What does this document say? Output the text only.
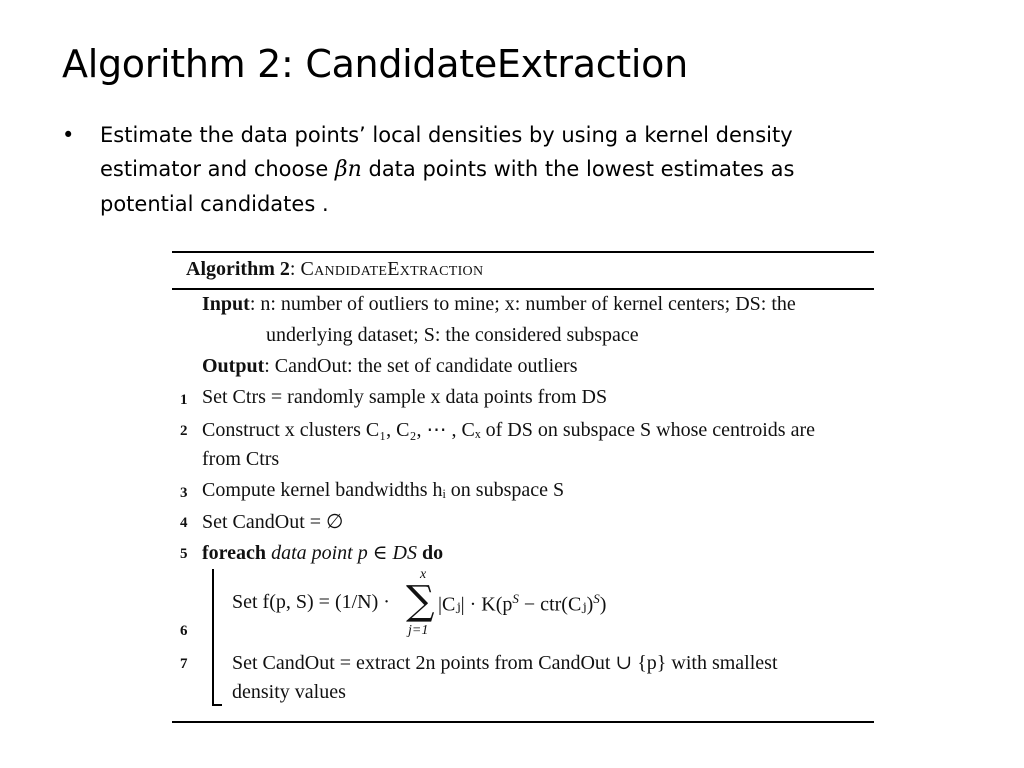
Algorithm 2: CandidateExtraction
• Estimate the data points’ local densities by using a kernel density estimator and choose βn data points with the lowest estimates as potential candidates .
Algorithm 2: CandidateExtraction
Input: n: number of outliers to mine; x: number of kernel centers; DS: the
underlying dataset; S: the considered subspace
Output: CandOut: the set of candidate outliers
1 Set Ctrs = randomly sample x data points from DS
2 Construct x clusters C₁, C₂, ⋯ , Cₓ of DS on subspace S whose centroids are
from Ctrs
3 Compute kernel bandwidths hᵢ on subspace S
4 Set CandOut = ∅
5 foreach data point p ∈ DS do
6
Set f(p, S) = (1/N) ·
x
∑
j=1
|Cⱼ| · $K(p^S$ − ctr(Cⱼ)$^S$)
7 Set CandOut = extract 2n points from CandOut ∪ {p} with smallest
density values
